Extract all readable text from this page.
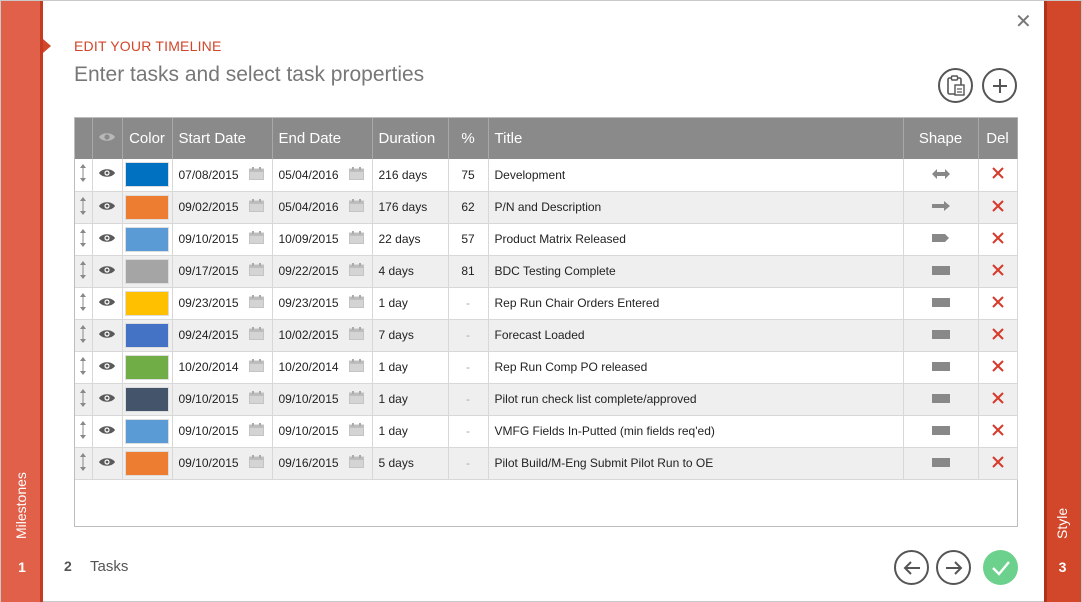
Milestones
1
Style
3
✕
EDIT YOUR TIMELINE
Enter tasks and select task properties
		Color	Start Date	End Date	Duration	%	Title	Shape	Del

07/08/2015	05/04/2016	216 days	75	Development		

09/02/2015	05/04/2016	176 days	62	P/N and Description		

09/10/2015	10/09/2015	22 days	57	Product Matrix Released		

09/17/2015	09/22/2015	4 days	81	BDC Testing Complete		

09/23/2015	09/23/2015	1 day	-	Rep Run Chair Orders Entered		

09/24/2015	10/02/2015	7 days	-	Forecast Loaded		

10/20/2014	10/20/2014	1 day	-	Rep Run Comp PO released		

09/10/2015	09/10/2015	1 day	-	Pilot run check list complete/approved		

09/10/2015	09/10/2015	1 day	-	VMFG Fields In-Putted (min fields req'ed)		

09/10/2015	09/16/2015	5 days	-	Pilot Build/M-Eng Submit Pilot Run to OE		
2 Tasks
